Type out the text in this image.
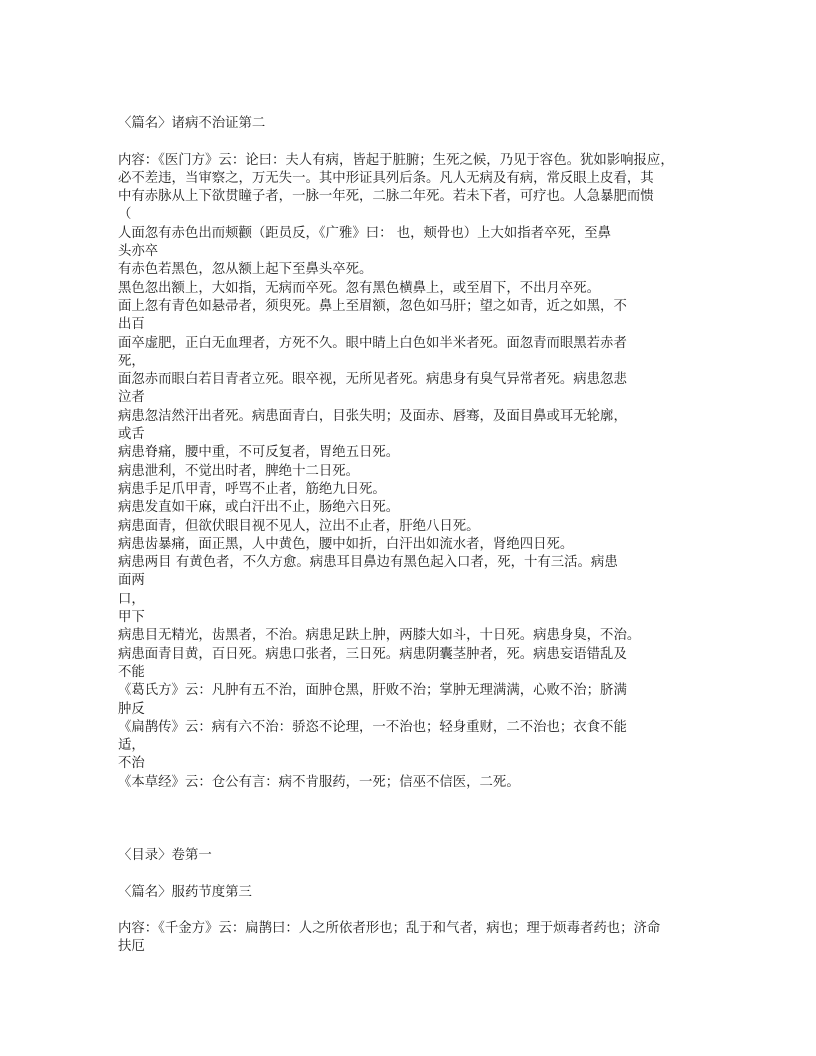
〈篇名〉诸病不治证第二
内容：《医门方》云：论曰：夫人有病，皆起于脏腑；生死之候，乃见于容色。犹如影响报应，
必不差违，当审察之，万无失一。其中形证具列后条。凡人无病及有病，常反眼上皮看，其
中有赤脉从上下欲贯瞳子者，一脉一年死，二脉二年死。若未下者，可疗也。人急暴肥而愦
（
人面忽有赤色出而颊颧（距员反，《广雅》曰： 也，颊骨也）上大如指者卒死，至鼻
头亦卒
有赤色若黑色，忽从额上起下至鼻头卒死。
黑色忽出额上，大如指，无病而卒死。忽有黑色横鼻上，或至眉下，不出月卒死。
面上忽有青色如悬帚者，须臾死。鼻上至眉额，忽色如马肝；望之如青，近之如黑，不
出百
面卒虚肥，正白无血理者，方死不久。眼中睛上白色如半米者死。面忽青而眼黑若赤者
死，
面忽赤而眼白若目青者立死。眼卒视，无所见者死。病患身有臭气异常者死。病患忽悲
泣者
病患忽洁然汗出者死。病患面青白，目张失明；及面赤、唇骞，及面目鼻或耳无轮廓，
或舌
病患脊痛，腰中重，不可反复者，胃绝五日死。
病患泄利，不觉出时者，脾绝十二日死。
病患手足爪甲青，呼骂不止者，筋绝九日死。
病患发直如干麻，或白汗出不止，肠绝六日死。
病患面青，但欲伏眼目视不见人，泣出不止者，肝绝八日死。
病患齿暴痛，面正黑，人中黄色，腰中如折，白汗出如流水者，肾绝四日死。
病患两目 有黄色者，不久方愈。病患耳目鼻边有黑色起入口者，死，十有三活。病患
面两
口，
甲下
病患目无精光，齿黑者，不治。病患足趺上肿，两膝大如斗，十日死。病患身臭，不治。
病患面青目黄，百日死。病患口张者，三日死。病患阴囊茎肿者，死。病患妄语错乱及
不能
《葛氏方》云：凡肿有五不治，面肿仓黑，肝败不治；掌肿无理满满，心败不治；脐满
肿反
《扁鹊传》云：病有六不治：骄恣不论理，一不治也；轻身重财，二不治也；衣食不能
适，
不治
《本草经》云：仓公有言：病不肯服药，一死；信巫不信医，二死。
〈目录〉卷第一
〈篇名〉服药节度第三
内容：《千金方》云：扁鹊曰：人之所依者形也；乱于和气者，病也；理于烦毒者药也；济命
扶厄
